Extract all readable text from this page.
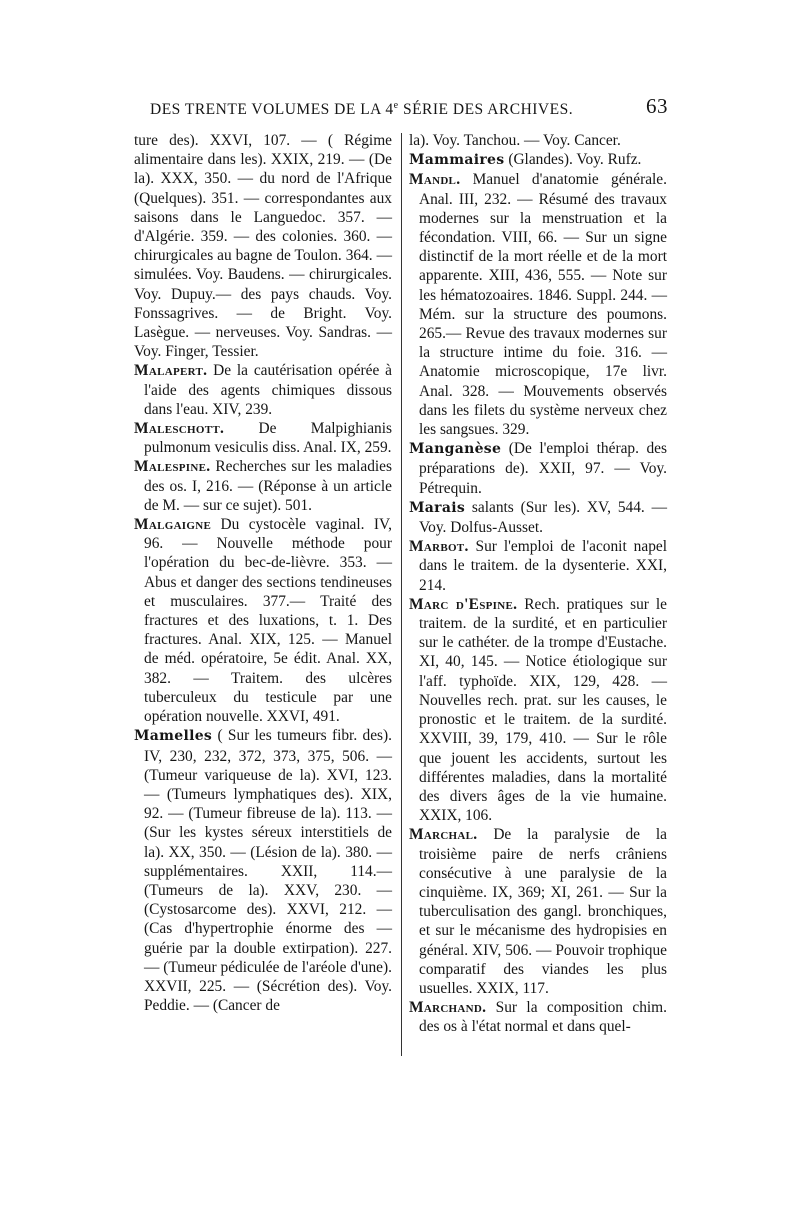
DES TRENTE VOLUMES DE LA 4e SÉRIE DES ARCHIVES.	63

ture des). XXVI, 107. — ( Régime alimentaire dans les). XXIX, 219. — (De la). XXX, 350. — du nord de l'Afrique (Quelques). 351. — correspondantes aux saisons dans le Languedoc. 357. — d'Algérie. 359. — des colonies. 360. — chirurgicales au bagne de Toulon. 364. — simulées. Voy. Baudens. — chirurgicales. Voy. Dupuy.— des pays chauds. Voy. Fonssagrives. — de Bright. Voy. Lasègue. — nerveuses. Voy. Sandras. — Voy. Finger, Tessier.

Malapert. De la cautérisation opérée à l'aide des agents chimiques dissous dans l'eau. XIV, 239.

Maleschott. De Malpighianis pulmonum vesiculis diss. Anal. IX, 259.

Malespine. Recherches sur les maladies des os. I, 216. — (Réponse à un article de M. — sur ce sujet). 501.

Malgaigne Du cystocèle vaginal. IV, 96. — Nouvelle méthode pour l'opération du bec-de-lièvre. 353. — Abus et danger des sections tendineuses et musculaires. 377.— Traité des fractures et des luxations, t. 1. Des fractures. Anal. XIX, 125. — Manuel de méd. opératoire, 5e édit. Anal. XX, 382. — Traitem. des ulcères tuberculeux du testicule par une opération nouvelle. XXVI, 491.

Mamelles ( Sur les tumeurs fibr. des). IV, 230, 232, 372, 373, 375, 506. — (Tumeur variqueuse de la). XVI, 123. — (Tumeurs lymphatiques des). XIX, 92. — (Tumeur fibreuse de la). 113. — (Sur les kystes séreux interstitiels de la). XX, 350. — (Lésion de la). 380. — supplémentaires. XXII, 114.— (Tumeurs de la). XXV, 230. — (Cystosarcome des). XXVI, 212. — (Cas d'hypertrophie énorme des — guérie par la double extirpation). 227. — (Tumeur pédiculée de l'aréole d'une). XXVII, 225. — (Sécrétion des). Voy. Peddie. — (Cancer de

la). Voy. Tanchou. — Voy. Cancer.

Mammaires (Glandes). Voy. Rufz.

Mandl. Manuel d'anatomie générale. Anal. III, 232. — Résumé des travaux modernes sur la menstruation et la fécondation. VIII, 66. — Sur un signe distinctif de la mort réelle et de la mort apparente. XIII, 436, 555. — Note sur les hématozoaires. 1846. Suppl. 244. — Mém. sur la structure des poumons. 265.— Revue des travaux modernes sur la structure intime du foie. 316. — Anatomie microscopique, 17e livr. Anal. 328. — Mouvements observés dans les filets du système nerveux chez les sangsues. 329.

Manganèse (De l'emploi thérap. des préparations de). XXII, 97. — Voy. Pétrequin.

Marais salants (Sur les). XV, 544. — Voy. Dolfus-Ausset.

Marbot. Sur l'emploi de l'aconit napel dans le traitem. de la dysenterie. XXI, 214.

Marc d'Espine. Rech. pratiques sur le traitem. de la surdité, et en particulier sur le cathéter. de la trompe d'Eustache. XI, 40, 145. — Notice étiologique sur l'aff. typhoïde. XIX, 129, 428. — Nouvelles rech. prat. sur les causes, le pronostic et le traitem. de la surdité. XXVIII, 39, 179, 410. — Sur le rôle que jouent les accidents, surtout les différentes maladies, dans la mortalité des divers âges de la vie humaine. XXIX, 106.

Marchal. De la paralysie de la troisième paire de nerfs crâniens consécutive à une paralysie de la cinquième. IX, 369; XI, 261. — Sur la tuberculisation des gangl. bronchiques, et sur le mécanisme des hydropisies en général. XIV, 506. — Pouvoir trophique comparatif des viandes les plus usuelles. XXIX, 117.

Marchand. Sur la composition chim. des os à l'état normal et dans quel-
